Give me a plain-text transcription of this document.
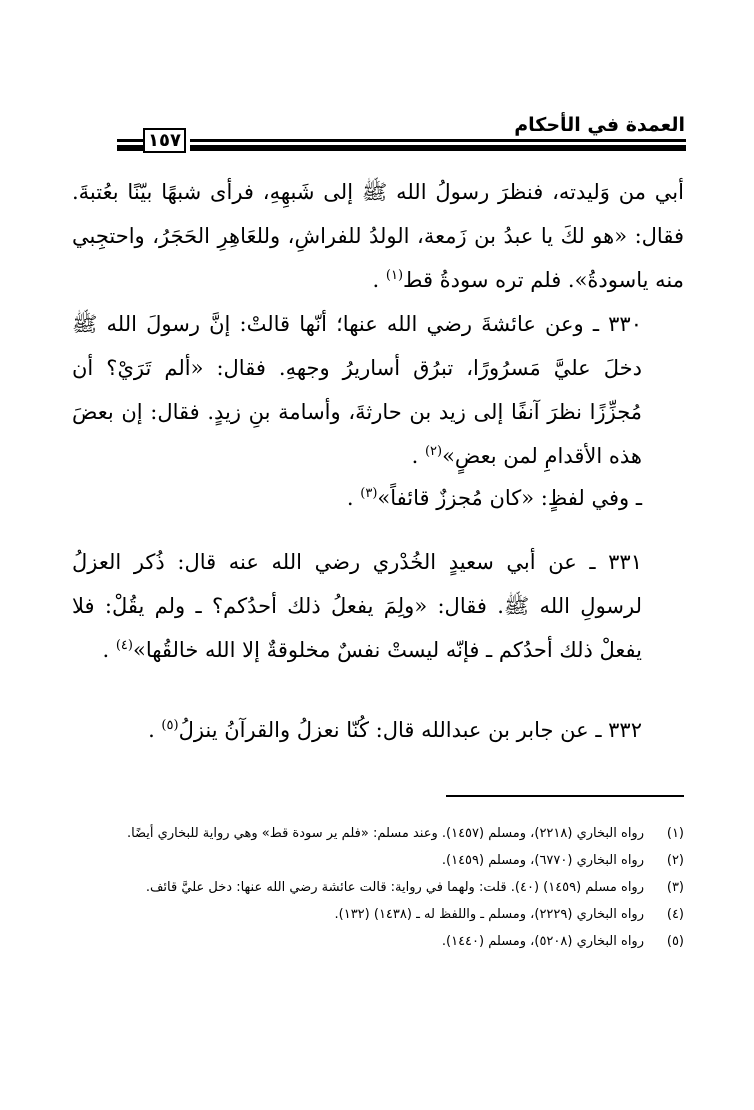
العمدة في الأحكام
١٥٧

أبي من وَليدته، فنظرَ رسولُ الله ﷺ إلى شَبهِهِ، فرأى شبهًا بيّنًا بعُتبةَ. فقال: «هو لكَ يا عبدُ بن زَمعة، الولدُ للفراشِ، وللعَاهِرِ الحَجَرُ، واحتجِبي منه ياسودةُ». فلم تره سودةُ قط$^{(١)}$ .

٣٣٠ ـ وعن عائشةَ رضي الله عنها؛ أنّها قالتْ: إنَّ رسولَ الله ﷺ دخلَ عليَّ مَسرُورًا، تبرُق أساريرُ وجههِ. فقال: «ألم تَرَيْ؟ أن مُجزِّزًا نظرَ آنفًا إلى زيد بن حارثةَ، وأسامة بنِ زيدٍ. فقال: إن بعضَ هذه الأقدامِ لمن بعضٍ»$^{(٢)}$ .

ـ وفي لفظٍ: «كان مُجززٌ قائفاً»$^{(٣)}$ .

٣٣١ ـ عن أبي سعيدٍ الخُدْري رضي الله عنه قال: ذُكر العزلُ لرسولِ الله ﷺ. فقال: «ولِمَ يفعلُ ذلك أحدُكم؟ ـ ولم يقُلْ: فلا يفعلْ ذلك أحدُكم ـ فإنّه ليستْ نفسٌ مخلوقةٌ إلا الله خالقُها»$^{(٤)}$ .

٣٣٢ ـ عن جابر بن عبدالله قال: كُنّا نعزلُ والقرآنُ ينزلُ$^{(٥)}$ .

(١)
رواه البخاري (٢٢١٨)، ومسلم (١٤٥٧). وعند مسلم: «فلم ير سودة قط» وهي رواية للبخاري أيضًا.
(٢)
رواه البخاري (٦٧٧٠)، ومسلم (١٤٥٩).
(٣)
رواه مسلم (١٤٥٩) (٤٠). قلت: ولهما في رواية: قالت عائشة رضي الله عنها: دخل عليَّ قائف.
(٤)
رواه البخاري (٢٢٢٩)، ومسلم ـ واللفظ له ـ (١٤٣٨) (١٣٢).
(٥)
رواه البخاري (٥٢٠٨)، ومسلم (١٤٤٠).
